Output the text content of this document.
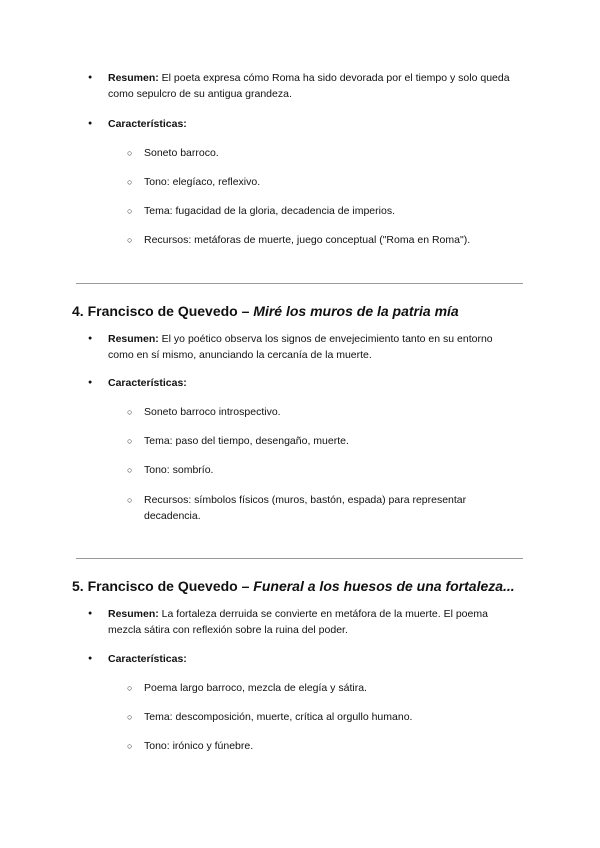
● Resumen: El poeta expresa cómo Roma ha sido devorada por el tiempo y solo queda como sepulcro de su antigua grandeza.
● Características:
○ Soneto barroco.
○ Tono: elegíaco, reflexivo.
○ Tema: fugacidad de la gloria, decadencia de imperios.
○ Recursos: metáforas de muerte, juego conceptual ("Roma en Roma").
4. Francisco de Quevedo – Miré los muros de la patria mía
● Resumen: El yo poético observa los signos de envejecimiento tanto en su entorno como en sí mismo, anunciando la cercanía de la muerte.
● Características:
○ Soneto barroco introspectivo.
○ Tema: paso del tiempo, desengaño, muerte.
○ Tono: sombrío.
○ Recursos: símbolos físicos (muros, bastón, espada) para representar decadencia.
5. Francisco de Quevedo – Funeral a los huesos de una fortaleza...
● Resumen: La fortaleza derruida se convierte en metáfora de la muerte. El poema mezcla sátira con reflexión sobre la ruina del poder.
● Características:
○ Poema largo barroco, mezcla de elegía y sátira.
○ Tema: descomposición, muerte, crítica al orgullo humano.
○ Tono: irónico y fúnebre.
